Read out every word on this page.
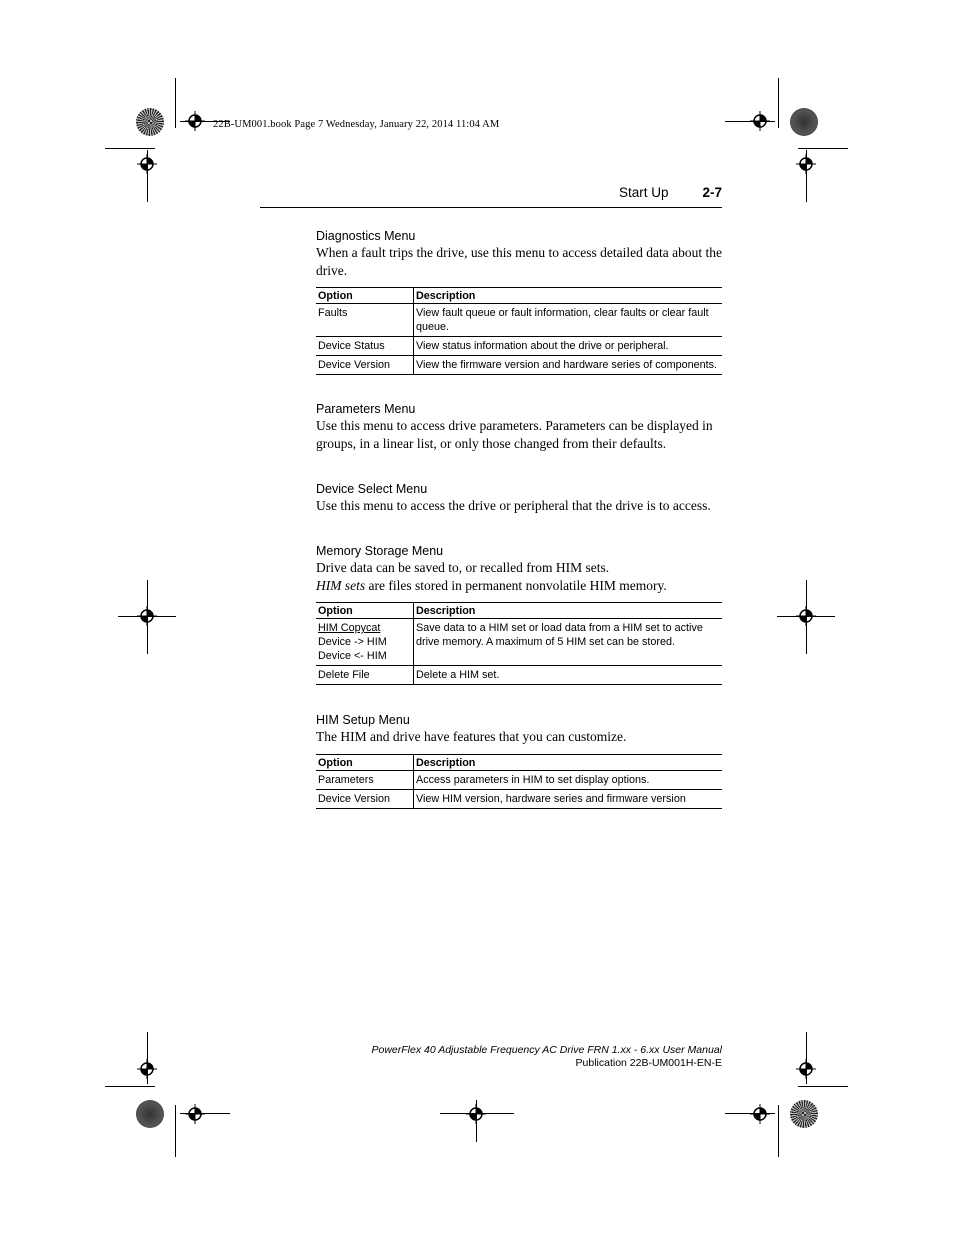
22B-UM001.book Page 7 Wednesday, January 22, 2014 11:04 AM
Start Up	2-7

Diagnostics Menu

When a fault trips the drive, use this menu to access detailed data about the drive.

Option	Description
Faults	View fault queue or fault information, clear faults or clear fault queue.
Device Status	View status information about the drive or peripheral.
Device Version	View the firmware version and hardware series of components.

Parameters Menu

Use this menu to access drive parameters. Parameters can be displayed in groups, in a linear list, or only those changed from their defaults.

Device Select Menu

Use this menu to access the drive or peripheral that the drive is to access.

Memory Storage Menu

Drive data can be saved to, or recalled from HIM sets.

HIM sets are files stored in permanent nonvolatile HIM memory.

Option	Description

HIM Copycat
Device -> HIM
Device <- HIM	Save data to a HIM set or load data from a HIM set to active drive memory. A maximum of 5 HIM set can be stored.
Delete File	Delete a HIM set.

HIM Setup Menu

The HIM and drive have features that you can customize.

Option	Description
Parameters	Access parameters in HIM to set display options.
Device Version	View HIM version, hardware series and firmware version
PowerFlex 40 Adjustable Frequency AC Drive FRN 1.xx - 6.xx User Manual
Publication 22B-UM001H-EN-E
